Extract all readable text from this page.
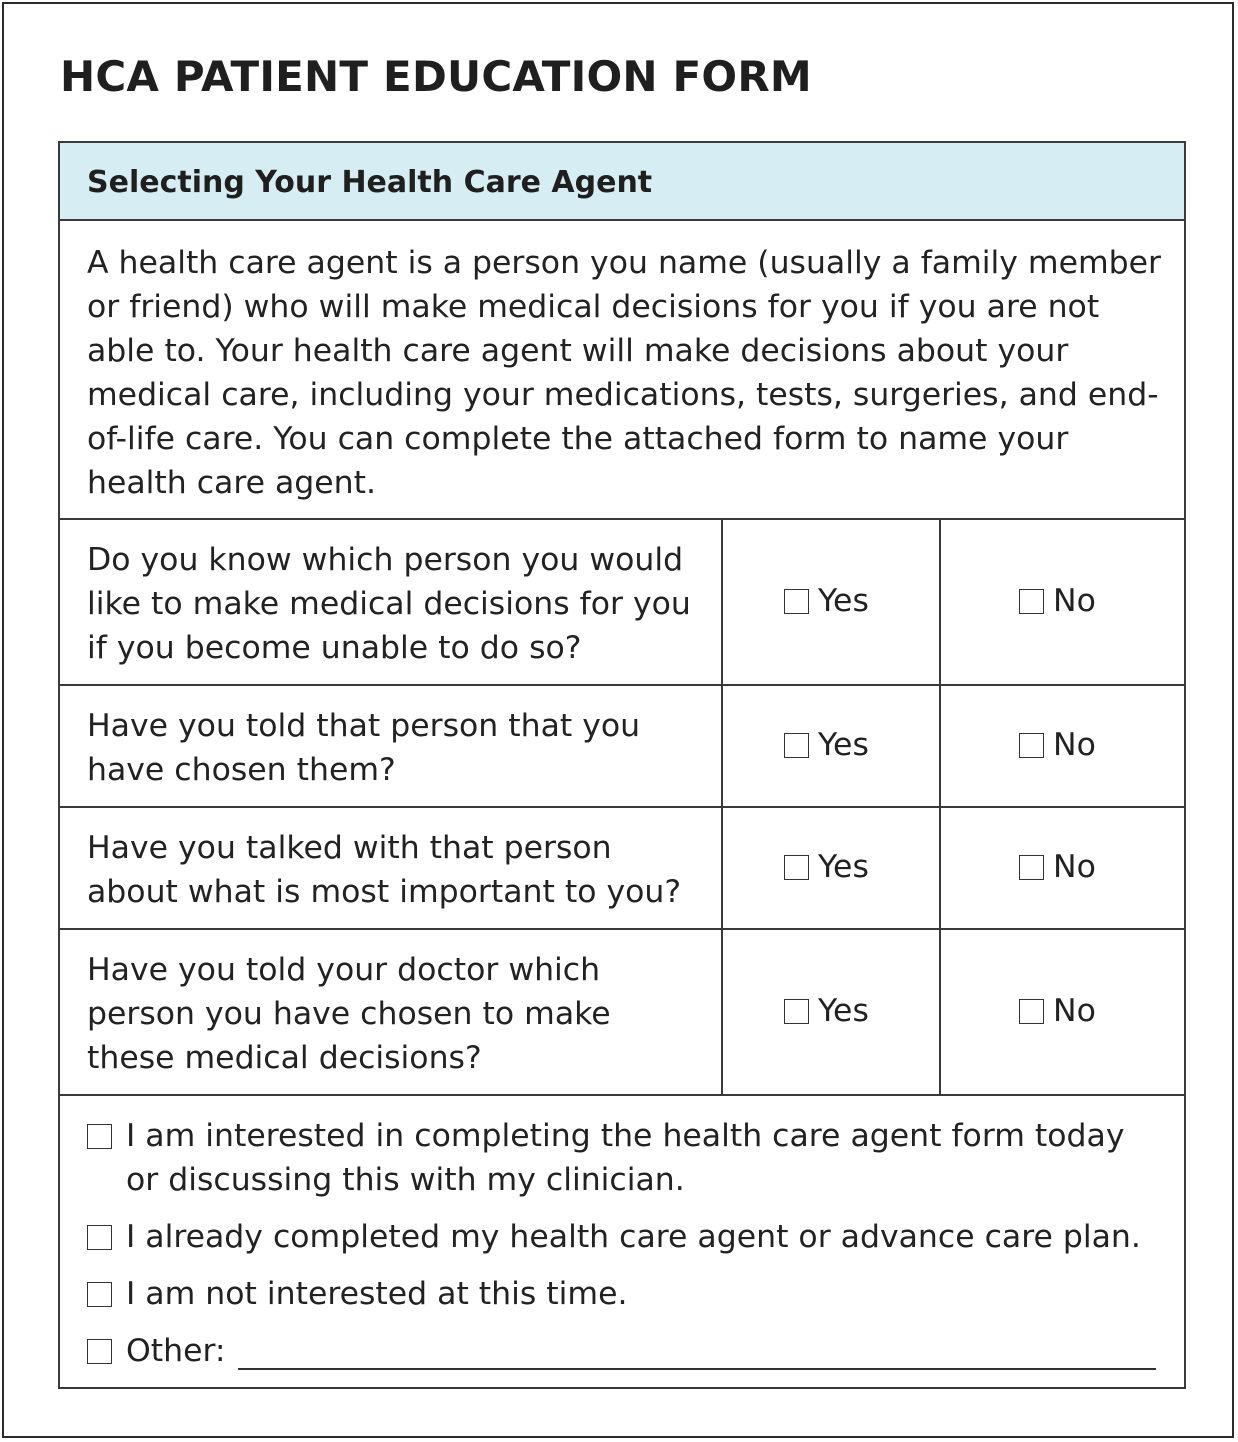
HCA PATIENT EDUCATION FORM
Selecting Your Health Care Agent
A health care agent is a person you name (usually a family member or friend) who will make medical decisions for you if you are not able to. Your health care agent will make decisions about your medical care, including your medications, tests, surgeries, and end-of-life care. You can complete the attached form to name your health care agent.
Do you know which person you would like to make medical decisions for you if you become unable to do so?
Yes	No
Have you told that person that you have chosen them?
Yes	No
Have you talked with that person about what is most important to you?
Yes	No
Have you told your doctor which person you have chosen to make these medical decisions?
Yes	No
I am interested in completing the health care agent form today or discussing this with my clinician.
I already completed my health care agent or advance care plan.
I am not interested at this time.
Other:
